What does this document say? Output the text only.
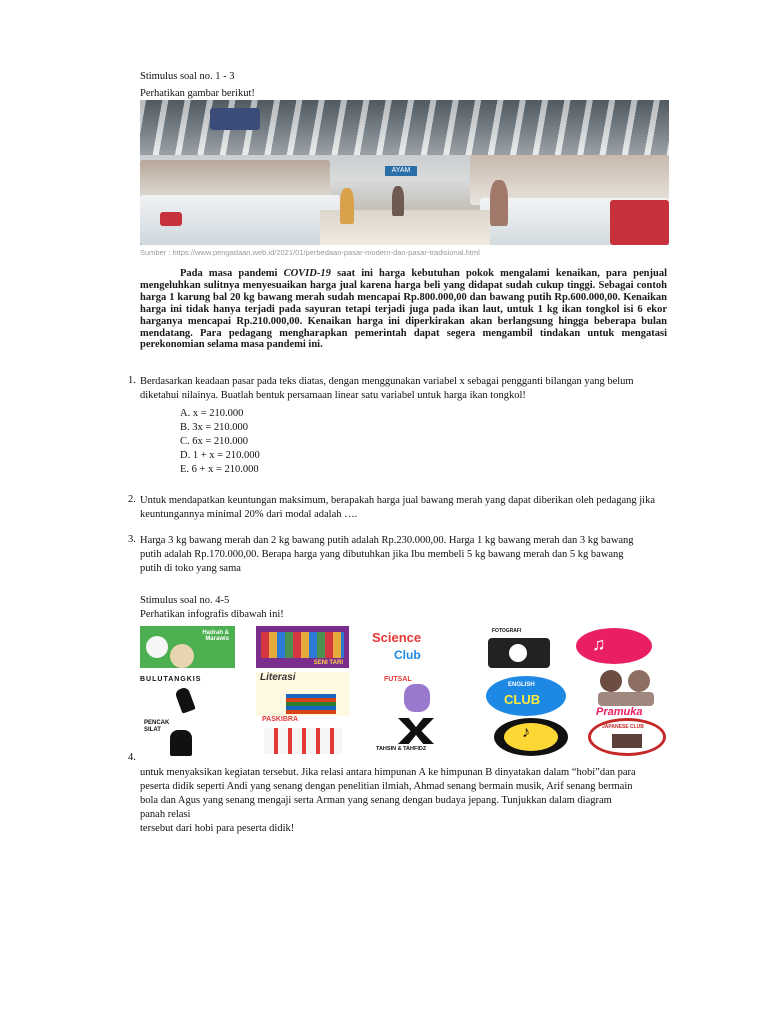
Stimulus soal no. 1 - 3
Perhatikan gambar berikut!
AYAM
Sumber : https://www.pengadaan.web.id/2021/01/perbedaan-pasar-modern-dan-pasar-tradisional.html
Pada masa pandemi COVID-19 saat ini harga kebutuhan pokok mengalami kenaikan, para penjual mengeluhkan sulitnya menyesuaikan harga jual karena harga beli yang didapat sudah cukup tinggi. Sebagai contoh harga 1 karung bal 20 kg bawang merah sudah mencapai Rp.800.000,00 dan bawang putih Rp.600.000,00. Kenaikan harga ini tidak hanya terjadi pada sayuran tetapi terjadi juga pada ikan laut, untuk 1 kg ikan tongkol isi 6 ekor harganya mencapai Rp.210.000,00. Kenaikan harga ini diperkirakan akan berlangsung hingga beberapa bulan mendatang. Para pedagang mengharapkan pemerintah dapat segera mengambil tindakan untuk mengatasi perekonomian selama masa pandemi ini.
1. Berdasarkan keadaan pasar pada teks diatas, dengan menggunakan variabel x sebagai pengganti bilangan yang belum
diketahui nilainya. Buatlah bentuk persamaan linear satu variabel untuk harga ikan tongkol!
A. x = 210.000
B. 3x = 210.000
C. 6x = 210.000
D. 1 + x = 210.000
E. 6 + x = 210.000
2. Untuk mendapatkan keuntungan maksimum, berapakah harga jual bawang merah yang dapat diberikan oleh pedagang jika
keuntungannya minimal 20% dari modal adalah ….
3. Harga 3 kg bawang merah dan 2 kg bawang putih adalah Rp.230.000,00. Harga 1 kg bawang merah dan 3 kg bawang
putih adalah Rp.170.000,00. Berapa harga yang dibutuhkan jika Ibu membeli 5 kg bawang merah dan 5 kg bawang
putih di toko yang sama
Stimulus soal no. 4-5
Perhatikan infografis dibawah ini!
Hadrah & Marawis
SENI TARI
Science
Club
FOTOGRAFI
♫
BULUTANGKIS	Literasi	FUTSAL
ENGLISH
CLUB
Pramuka
PENCAK SILAT
PASKIBRA
TAHSIN & TAHFIDZ
♪	JAPANESE CLUB
4.
untuk menyaksikan kegiatan tersebut. Jika relasi antara himpunan A ke himpunan B dinyatakan dalam “hobi”dan para
peserta didik seperti Andi yang senang dengan penelitian ilmiah, Ahmad senang bermain musik, Arif senang bermain
bola dan Agus yang senang mengaji serta Arman yang senang dengan budaya jepang. Tunjukkan dalam diagram
panah relasi
tersebut dari hobi para peserta didik!
